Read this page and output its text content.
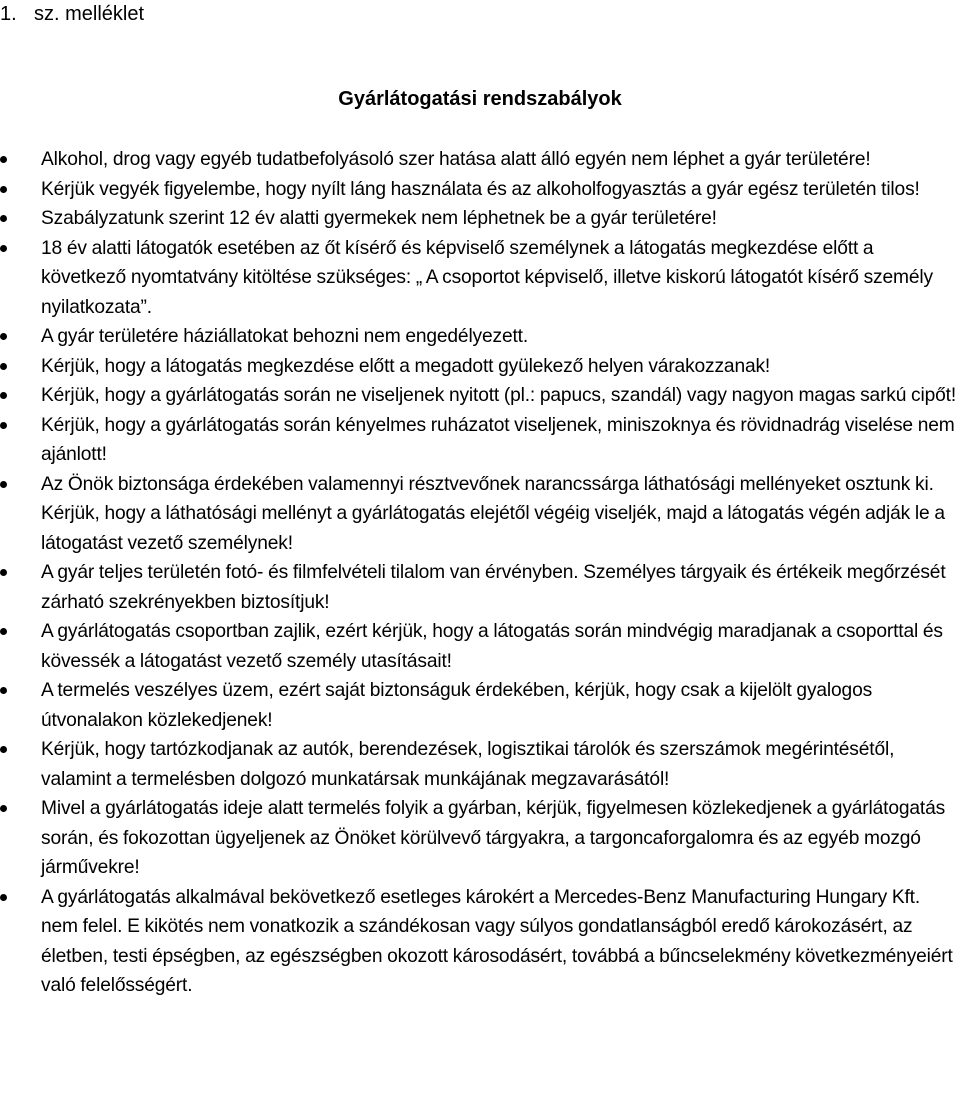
1. sz. melléklet
Gyárlátogatási rendszabályok
Alkohol, drog vagy egyéb tudatbefolyásoló szer hatása alatt álló egyén nem léphet a gyár területére!
Kérjük vegyék figyelembe, hogy nyílt láng használata és az alkoholfogyasztás a gyár egész területén tilos!
Szabályzatunk szerint 12 év alatti gyermekek nem léphetnek be a gyár területére!
18 év alatti látogatók esetében az őt kísérő és képviselő személynek a látogatás megkezdése előtt a következő nyomtatvány kitöltése szükséges: „ A csoportot képviselő, illetve kiskorú látogatót kísérő személy nyilatkozata”.
A gyár területére háziállatokat behozni nem engedélyezett.
Kérjük, hogy a látogatás megkezdése előtt a megadott gyülekező helyen várakozzanak!
Kérjük, hogy a gyárlátogatás során ne viseljenek nyitott (pl.: papucs, szandál) vagy nagyon magas sarkú cipőt!
Kérjük, hogy a gyárlátogatás során kényelmes ruházatot viseljenek, miniszoknya és rövidnadrág viselése nem ajánlott!
Az Önök biztonsága érdekében valamennyi résztvevőnek narancssárga láthatósági mellényeket osztunk ki. Kérjük, hogy a láthatósági mellényt a gyárlátogatás elejétől végéig viseljék, majd a látogatás végén adják le a látogatást vezető személynek!
A gyár teljes területén fotó- és filmfelvételi tilalom van érvényben. Személyes tárgyaik és értékeik megőrzését zárható szekrényekben biztosítjuk!
A gyárlátogatás csoportban zajlik, ezért kérjük, hogy a látogatás során mindvégig maradjanak a csoporttal és kövessék a látogatást vezető személy utasításait!
A termelés veszélyes üzem, ezért saját biztonságuk érdekében, kérjük, hogy csak a kijelölt gyalogos útvonalakon közlekedjenek!
Kérjük, hogy tartózkodjanak az autók, berendezések, logisztikai tárolók és szerszámok megérintésétől, valamint a termelésben dolgozó munkatársak munkájának megzavarásától!
Mivel a gyárlátogatás ideje alatt termelés folyik a gyárban, kérjük, figyelmesen közlekedjenek a gyárlátogatás során, és fokozottan ügyeljenek az Önöket körülvevő tárgyakra, a targoncaforgalomra és az egyéb mozgó járművekre!
A gyárlátogatás alkalmával bekövetkező esetleges károkért a Mercedes-Benz Manufacturing Hungary Kft. nem felel. E kikötés nem vonatkozik a szándékosan vagy súlyos gondatlanságból eredő károkozásért, az életben, testi épségben, az egészségben okozott károsodásért, továbbá a bűncselekmény következményeiért való felelősségért.
